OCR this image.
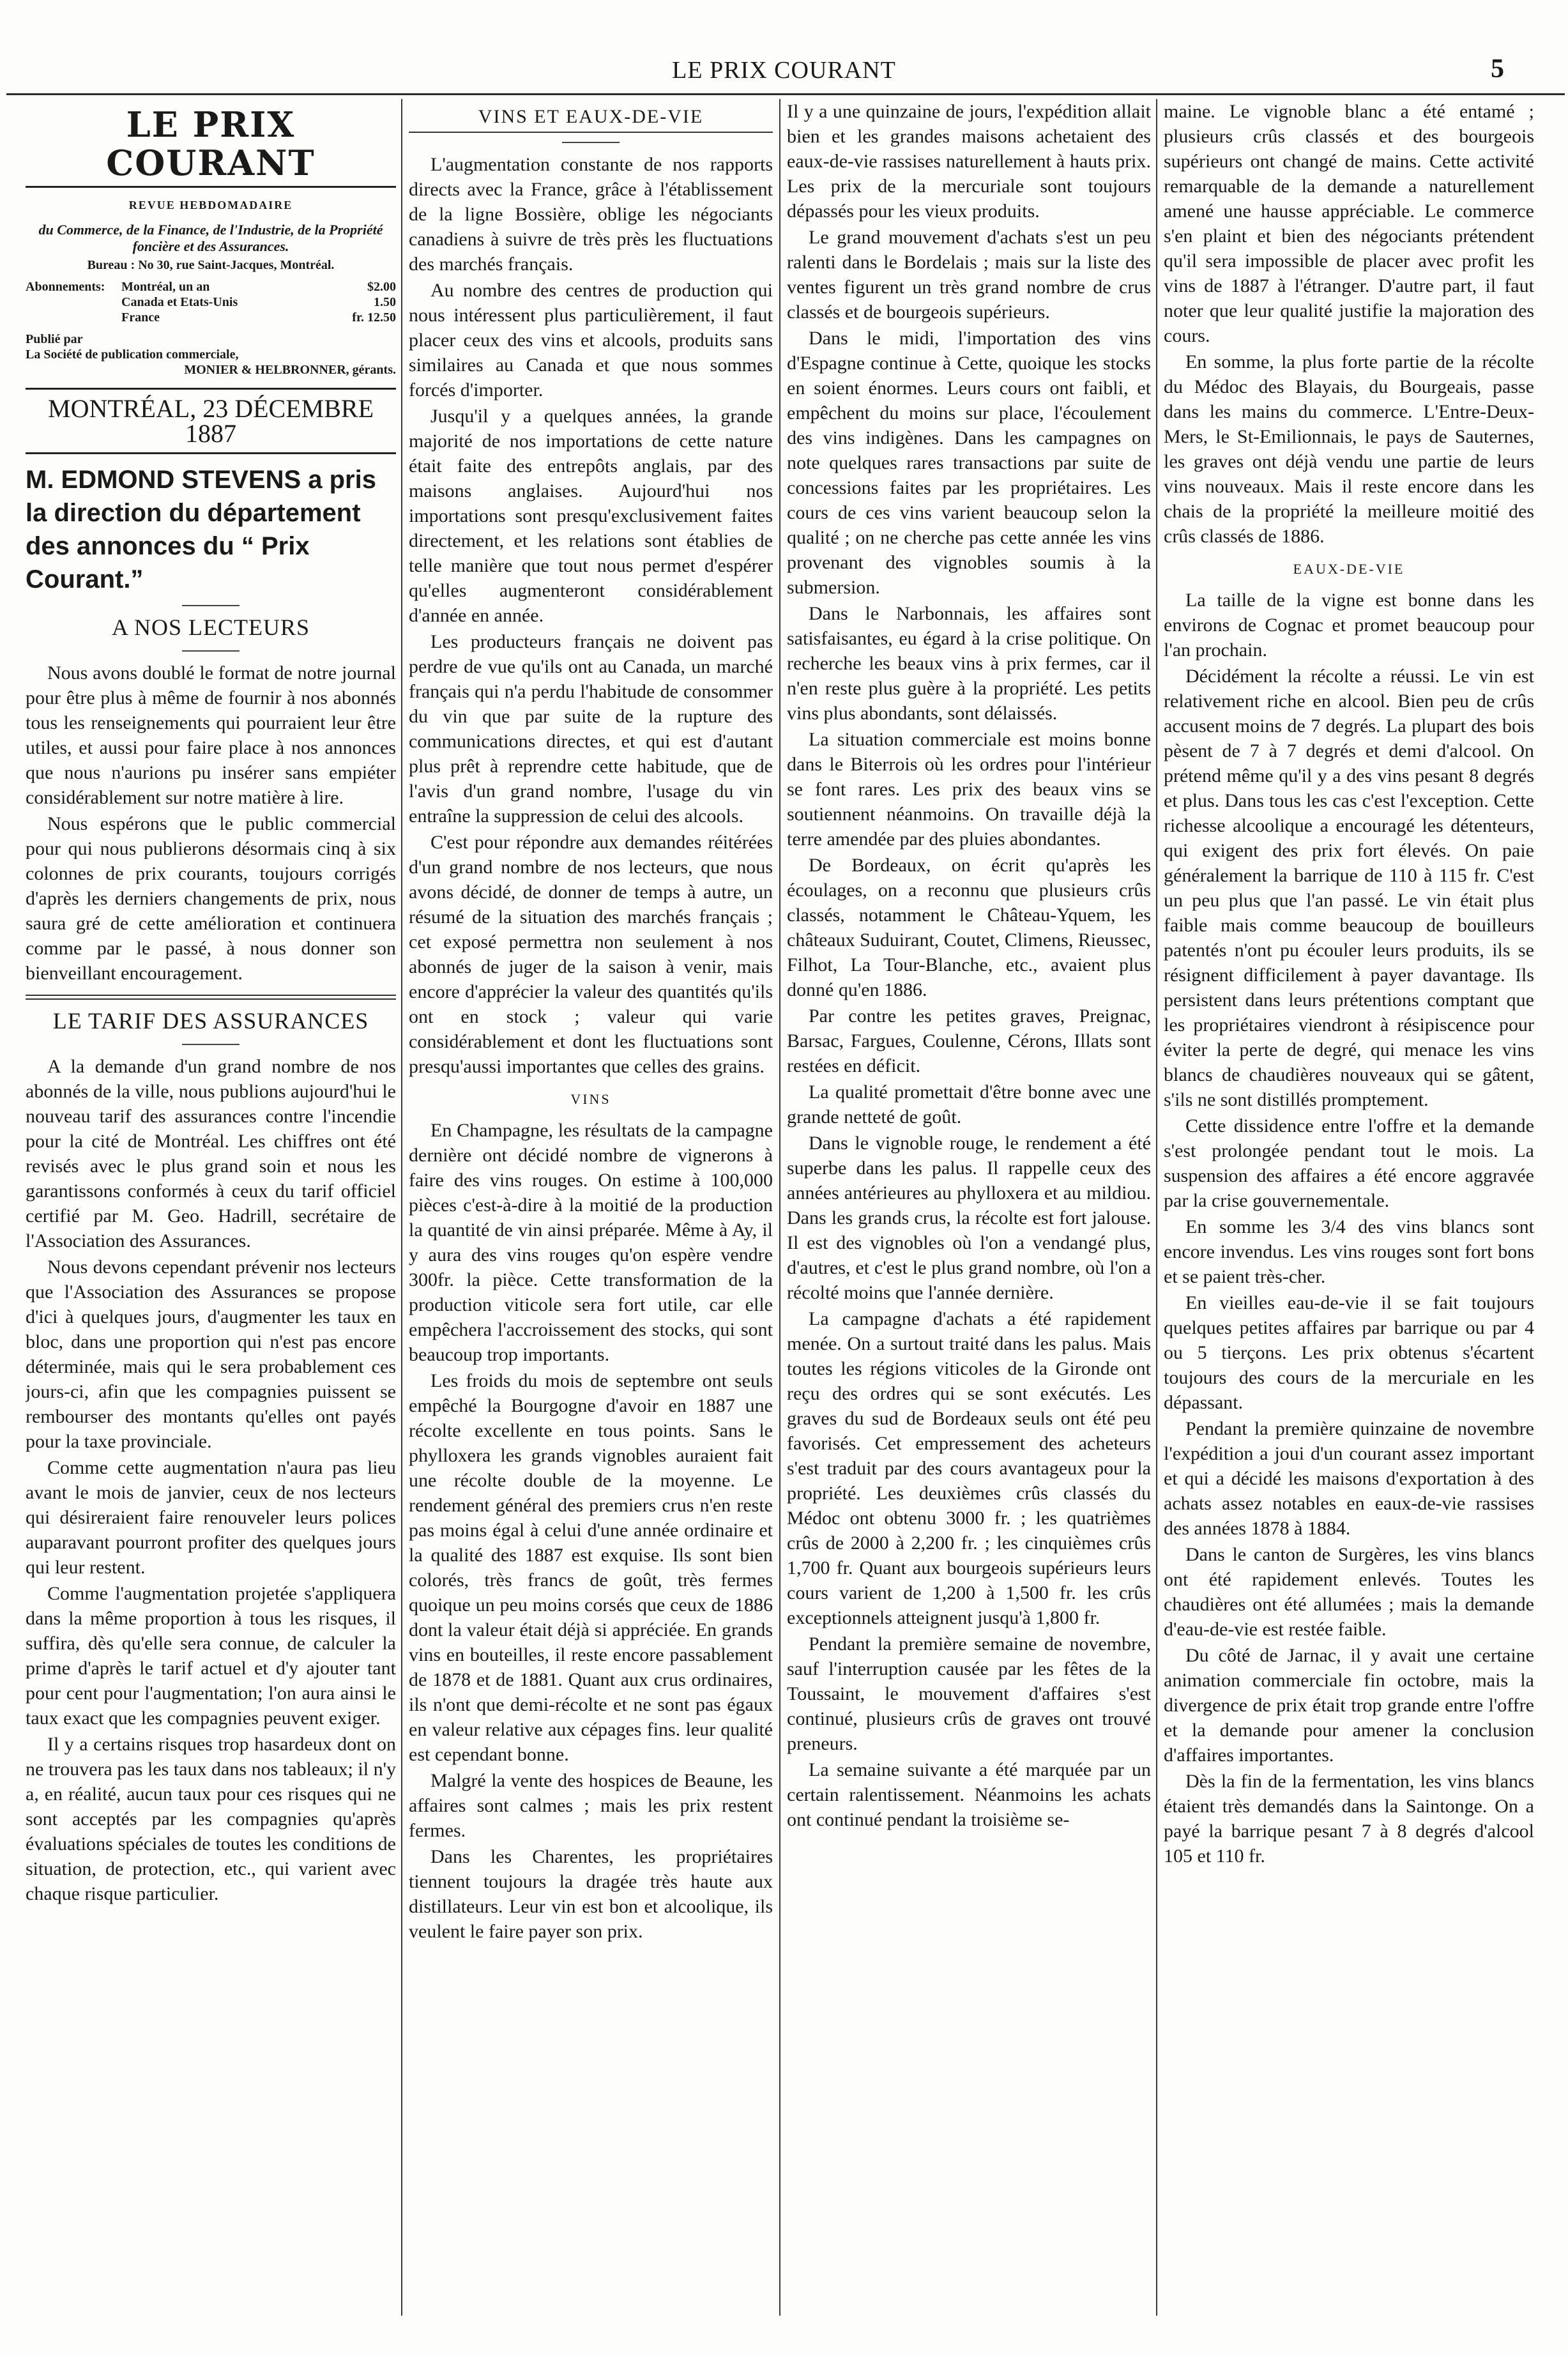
LE PRIX COURANT	5
LE PRIX COURANT
REVUE HEBDOMADAIRE
du Commerce, de la Finance, de l'Industrie, de la Propriété foncière et des Assurances.
Bureau : No 30, rue Saint-Jacques, Montréal.
Abonnements:	Montréal, un an	$2.00
Canada et Etats-Unis	1.50
France	fr. 12.50
Publié par
La Société de publication commerciale,
MONIER & HELBRONNER, gérants.
MONTRÉAL, 23 DÉCEMBRE 1887
M. EDMOND STEVENS a pris la direction du département des annonces du “ Prix Courant.”
A NOS LECTEURS

Nous avons doublé le format de notre journal pour être plus à même de fournir à nos abonnés tous les renseignements qui pourraient leur être utiles, et aussi pour faire place à nos annonces que nous n'aurions pu insérer sans empiéter considérablement sur notre matière à lire.

Nous espérons que le public commercial pour qui nous publierons désormais cinq à six colonnes de prix courants, toujours corrigés d'après les derniers changements de prix, nous saura gré de cette amélioration et continuera comme par le passé, à nous donner son bienveillant encouragement.

LE TARIF DES ASSURANCES

A la demande d'un grand nombre de nos abonnés de la ville, nous publions aujourd'hui le nouveau tarif des assurances contre l'incendie pour la cité de Montréal. Les chiffres ont été revisés avec le plus grand soin et nous les garantissons conformés à ceux du tarif officiel certifié par M. Geo. Hadrill, secrétaire de l'Association des Assurances.

Nous devons cependant prévenir nos lecteurs que l'Association des Assurances se propose d'ici à quelques jours, d'augmenter les taux en bloc, dans une proportion qui n'est pas encore déterminée, mais qui le sera probablement ces jours-ci, afin que les compagnies puissent se rembourser des montants qu'elles ont payés pour la taxe provinciale.

Comme cette augmentation n'aura pas lieu avant le mois de janvier, ceux de nos lecteurs qui désireraient faire renouveler leurs polices auparavant pourront profiter des quelques jours qui leur restent.

Comme l'augmentation projetée s'appliquera dans la même proportion à tous les risques, il suffira, dès qu'elle sera connue, de calculer la prime d'après le tarif actuel et d'y ajouter tant pour cent pour l'augmentation; l'on aura ainsi le taux exact que les compagnies peuvent exiger.

Il y a certains risques trop hasardeux dont on ne trouvera pas les taux dans nos tableaux; il n'y a, en réalité, aucun taux pour ces risques qui ne sont acceptés par les compagnies qu'après évaluations spéciales de toutes les conditions de situation, de protection, etc., qui varient avec chaque risque particulier.

VINS ET EAUX-DE-VIE

L'augmentation constante de nos rapports directs avec la France, grâce à l'établissement de la ligne Bossière, oblige les négociants canadiens à suivre de très près les fluctuations des marchés français.

Au nombre des centres de production qui nous intéressent plus particulièrement, il faut placer ceux des vins et alcools, produits sans similaires au Canada et que nous sommes forcés d'importer.

Jusqu'il y a quelques années, la grande majorité de nos importations de cette nature était faite des entrepôts anglais, par des maisons anglaises. Aujourd'hui nos importations sont presqu'exclusivement faites directement, et les relations sont établies de telle manière que tout nous permet d'espérer qu'elles augmenteront considérablement d'année en année.

Les producteurs français ne doivent pas perdre de vue qu'ils ont au Canada, un marché français qui n'a perdu l'habitude de consommer du vin que par suite de la rupture des communications directes, et qui est d'autant plus prêt à reprendre cette habitude, que de l'avis d'un grand nombre, l'usage du vin entraîne la suppression de celui des alcools.

C'est pour répondre aux demandes réitérées d'un grand nombre de nos lecteurs, que nous avons décidé, de donner de temps à autre, un résumé de la situation des marchés français ; cet exposé permettra non seulement à nos abonnés de juger de la saison à venir, mais encore d'apprécier la valeur des quantités qu'ils ont en stock ; valeur qui varie considérablement et dont les fluctuations sont presqu'aussi importantes que celles des grains.

VINS

En Champagne, les résultats de la campagne dernière ont décidé nombre de vignerons à faire des vins rouges. On estime à 100,000 pièces c'est-à-dire à la moitié de la production la quantité de vin ainsi préparée. Même à Ay, il y aura des vins rouges qu'on espère vendre 300fr. la pièce. Cette transformation de la production viticole sera fort utile, car elle empêchera l'accroissement des stocks, qui sont beaucoup trop importants.

Les froids du mois de septembre ont seuls empêché la Bourgogne d'avoir en 1887 une récolte excellente en tous points. Sans le phylloxera les grands vignobles auraient fait une récolte double de la moyenne. Le rendement général des premiers crus n'en reste pas moins égal à celui d'une année ordinaire et la qualité des 1887 est exquise. Ils sont bien colorés, très francs de goût, très fermes quoique un peu moins corsés que ceux de 1886 dont la valeur était déjà si appréciée. En grands vins en bouteilles, il reste encore passablement de 1878 et de 1881. Quant aux crus ordinaires, ils n'ont que demi-récolte et ne sont pas égaux en valeur relative aux cépages fins. leur qualité est cependant bonne.

Malgré la vente des hospices de Beaune, les affaires sont calmes ; mais les prix restent fermes.

Dans les Charentes, les propriétaires tiennent toujours la dragée très haute aux distillateurs. Leur vin est bon et alcoolique, ils veulent le faire payer son prix.

Il y a une quinzaine de jours, l'expédition allait bien et les grandes maisons achetaient des eaux-de-vie rassises naturellement à hauts prix. Les prix de la mercuriale sont toujours dépassés pour les vieux produits.

Le grand mouvement d'achats s'est un peu ralenti dans le Bordelais ; mais sur la liste des ventes figurent un très grand nombre de crus classés et de bourgeois supérieurs.

Dans le midi, l'importation des vins d'Espagne continue à Cette, quoique les stocks en soient énormes. Leurs cours ont faibli, et empêchent du moins sur place, l'écoulement des vins indigènes. Dans les campagnes on note quelques rares transactions par suite de concessions faites par les propriétaires. Les cours de ces vins varient beaucoup selon la qualité ; on ne cherche pas cette année les vins provenant des vignobles soumis à la submersion.

Dans le Narbonnais, les affaires sont satisfaisantes, eu égard à la crise politique. On recherche les beaux vins à prix fermes, car il n'en reste plus guère à la propriété. Les petits vins plus abondants, sont délaissés.

La situation commerciale est moins bonne dans le Biterrois où les ordres pour l'intérieur se font rares. Les prix des beaux vins se soutiennent néanmoins. On travaille déjà la terre amendée par des pluies abondantes.

De Bordeaux, on écrit qu'après les écoulages, on a reconnu que plusieurs crûs classés, notamment le Château-Yquem, les châteaux Suduirant, Coutet, Climens, Rieussec, Filhot, La Tour-Blanche, etc., avaient plus donné qu'en 1886.

Par contre les petites graves, Preignac, Barsac, Fargues, Coulenne, Cérons, Illats sont restées en déficit.

La qualité promettait d'être bonne avec une grande netteté de goût.

Dans le vignoble rouge, le rendement a été superbe dans les palus. Il rappelle ceux des années antérieures au phylloxera et au mildiou. Dans les grands crus, la récolte est fort jalouse. Il est des vignobles où l'on a vendangé plus, d'autres, et c'est le plus grand nombre, où l'on a récolté moins que l'année dernière.

La campagne d'achats a été rapidement menée. On a surtout traité dans les palus. Mais toutes les régions viticoles de la Gironde ont reçu des ordres qui se sont exécutés. Les graves du sud de Bordeaux seuls ont été peu favorisés. Cet empressement des acheteurs s'est traduit par des cours avantageux pour la propriété. Les deuxièmes crûs classés du Médoc ont obtenu 3000 fr. ; les quatrièmes crûs de 2000 à 2,200 fr. ; les cinquièmes crûs 1,700 fr. Quant aux bourgeois supérieurs leurs cours varient de 1,200 à 1,500 fr. les crûs exceptionnels atteignent jusqu'à 1,800 fr.

Pendant la première semaine de novembre, sauf l'interruption causée par les fêtes de la Toussaint, le mouvement d'affaires s'est continué, plusieurs crûs de graves ont trouvé preneurs.

La semaine suivante a été marquée par un certain ralentissement. Néanmoins les achats ont continué pendant la troisième se-

maine. Le vignoble blanc a été entamé ; plusieurs crûs classés et des bourgeois supérieurs ont changé de mains. Cette activité remarquable de la demande a naturellement amené une hausse appréciable. Le commerce s'en plaint et bien des négociants prétendent qu'il sera impossible de placer avec profit les vins de 1887 à l'étranger. D'autre part, il faut noter que leur qualité justifie la majoration des cours.

En somme, la plus forte partie de la récolte du Médoc des Blayais, du Bourgeais, passe dans les mains du commerce. L'Entre-Deux-Mers, le St-Emilionnais, le pays de Sauternes, les graves ont déjà vendu une partie de leurs vins nouveaux. Mais il reste encore dans les chais de la propriété la meilleure moitié des crûs classés de 1886.

EAUX-DE-VIE

La taille de la vigne est bonne dans les environs de Cognac et promet beaucoup pour l'an prochain.

Décidément la récolte a réussi. Le vin est relativement riche en alcool. Bien peu de crûs accusent moins de 7 degrés. La plupart des bois pèsent de 7 à 7 degrés et demi d'alcool. On prétend même qu'il y a des vins pesant 8 degrés et plus. Dans tous les cas c'est l'exception. Cette richesse alcoolique a encouragé les détenteurs, qui exigent des prix fort élevés. On paie généralement la barrique de 110 à 115 fr. C'est un peu plus que l'an passé. Le vin était plus faible mais comme beaucoup de bouilleurs patentés n'ont pu écouler leurs produits, ils se résignent difficilement à payer davantage. Ils persistent dans leurs prétentions comptant que les propriétaires viendront à résipiscence pour éviter la perte de degré, qui menace les vins blancs de chaudières nouveaux qui se gâtent, s'ils ne sont distillés promptement.

Cette dissidence entre l'offre et la demande s'est prolongée pendant tout le mois. La suspension des affaires a été encore aggravée par la crise gouvernementale.

En somme les 3/4 des vins blancs sont encore invendus. Les vins rouges sont fort bons et se paient très-cher.

En vieilles eau-de-vie il se fait toujours quelques petites affaires par barrique ou par 4 ou 5 tierçons. Les prix obtenus s'écartent toujours des cours de la mercuriale en les dépassant.

Pendant la première quinzaine de novembre l'expédition a joui d'un courant assez important et qui a décidé les maisons d'exportation à des achats assez notables en eaux-de-vie rassises des années 1878 à 1884.

Dans le canton de Surgères, les vins blancs ont été rapidement enlevés. Toutes les chaudières ont été allumées ; mais la demande d'eau-de-vie est restée faible.

Du côté de Jarnac, il y avait une certaine animation commerciale fin octobre, mais la divergence de prix était trop grande entre l'offre et la demande pour amener la conclusion d'affaires importantes.

Dès la fin de la fermentation, les vins blancs étaient très demandés dans la Saintonge. On a payé la barrique pesant 7 à 8 degrés d'alcool 105 et 110 fr.
